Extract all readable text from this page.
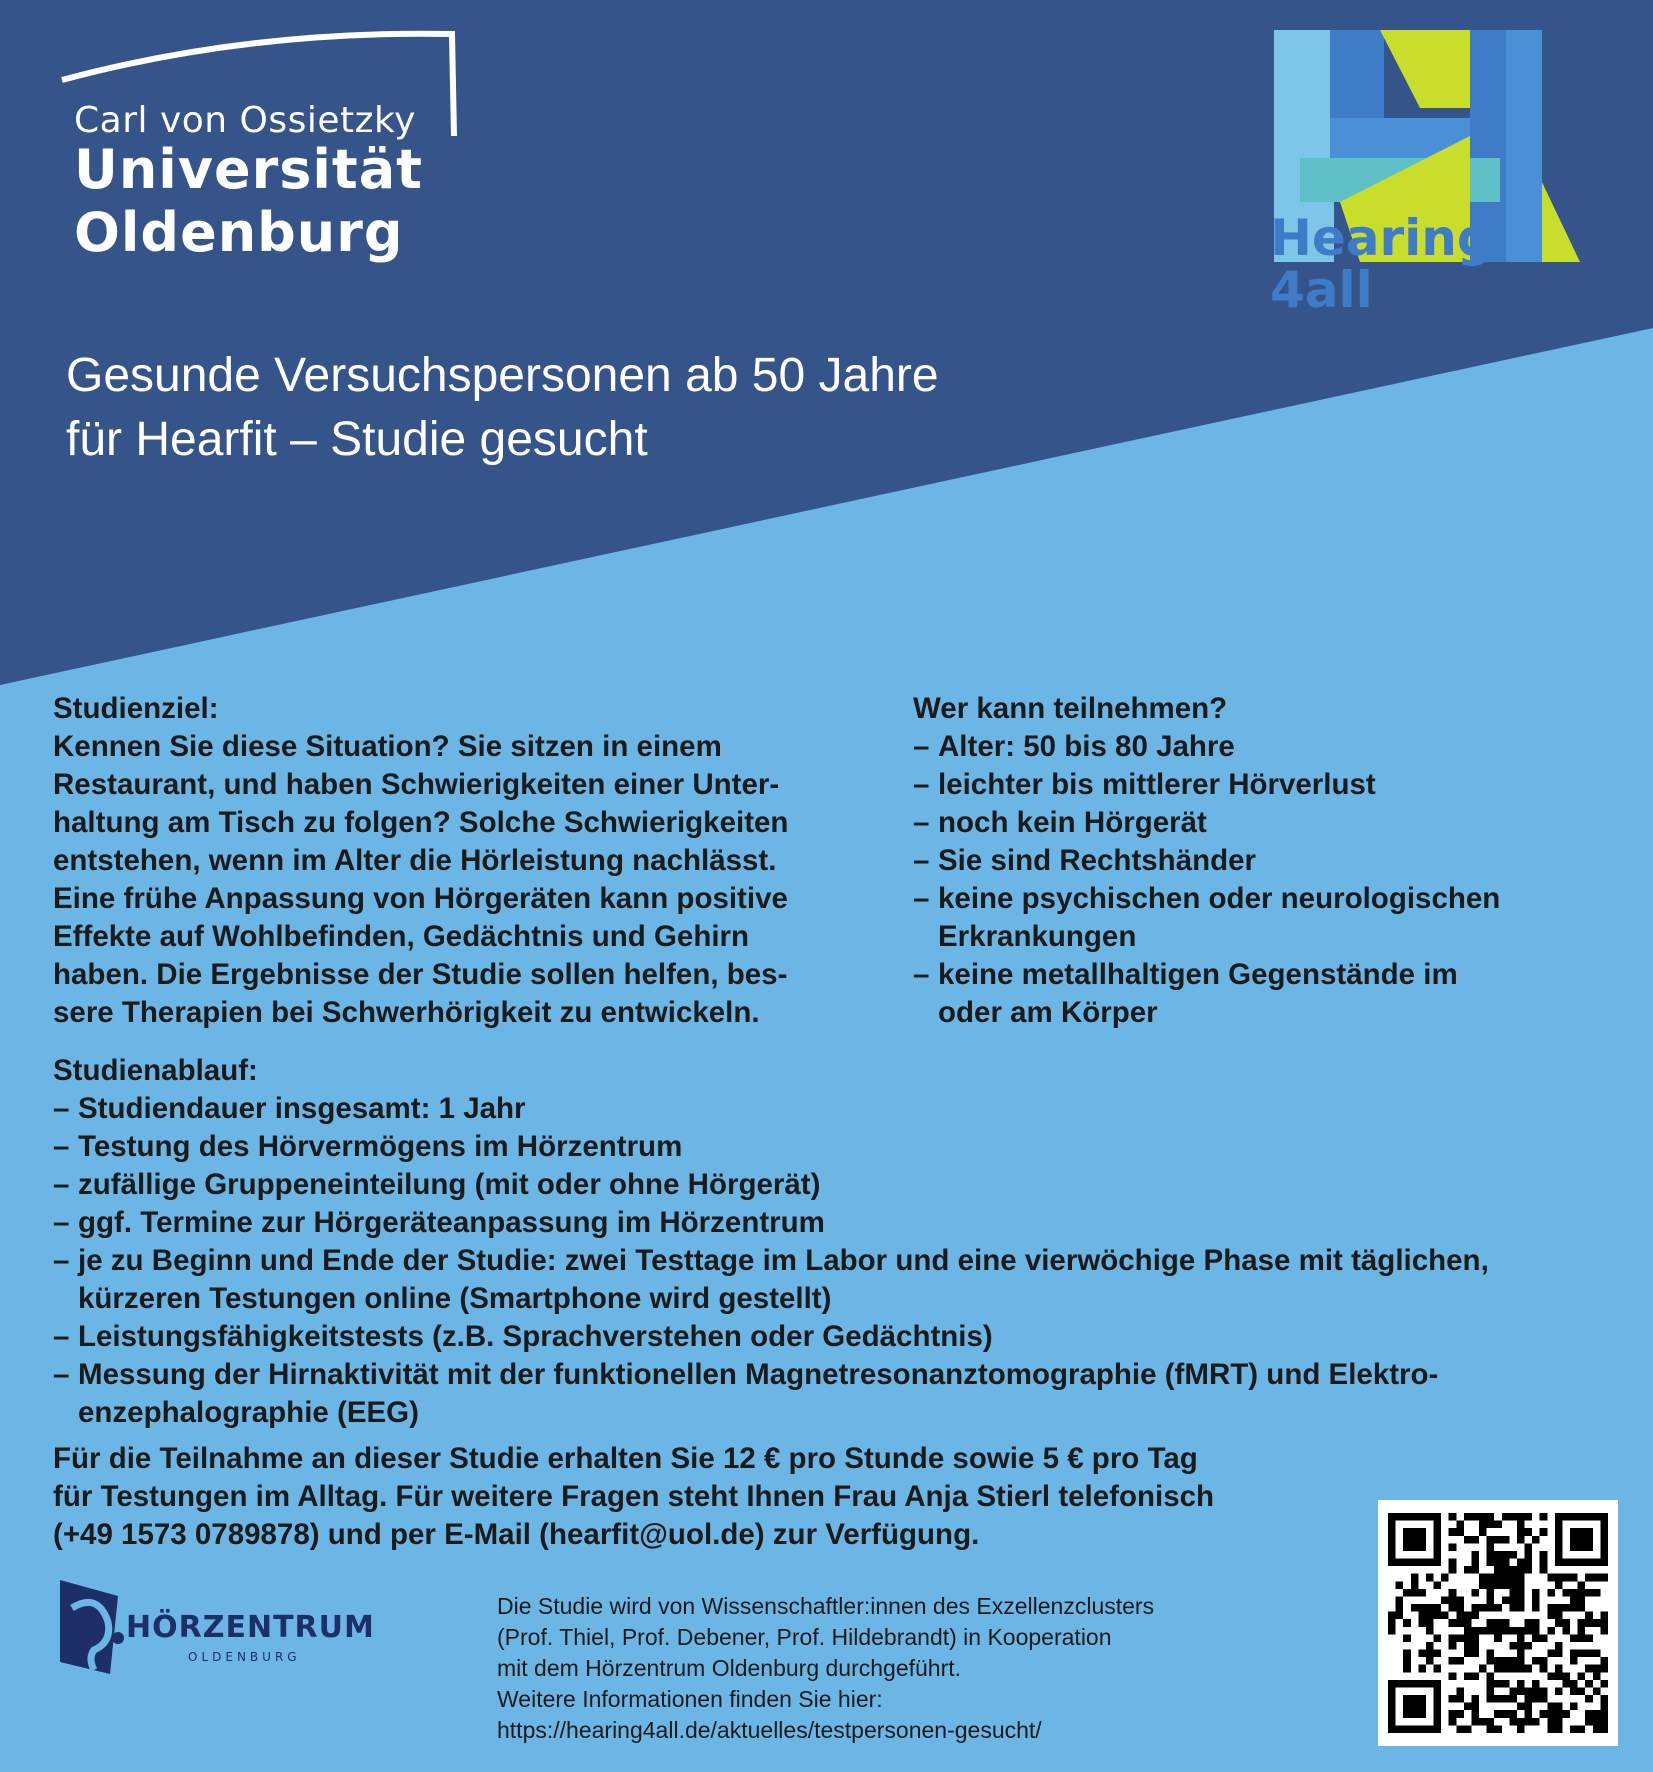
Carl von Ossietzky
Universität
Oldenburg	Hearing
4all
Gesunde Versuchspersonen ab 50 Jahre
für Hearfit – Studie gesucht
Studienziel:
Kennen Sie diese Situation? Sie sitzen in einem
Restaurant, und haben Schwierigkeiten einer Unter-
haltung am Tisch zu folgen? Solche Schwierigkeiten
entstehen, wenn im Alter die Hörleistung nachlässt.
Eine frühe Anpassung von Hörgeräten kann positive
Effekte auf Wohlbefinden, Gedächtnis und Gehirn
haben. Die Ergebnisse der Studie sollen helfen, bes-
sere Therapien bei Schwerhörigkeit zu entwickeln.
Wer kann teilnehmen?
– Alter: 50 bis 80 Jahre
– leichter bis mittlerer Hörverlust
– noch kein Hörgerät
– Sie sind Rechtshänder
– keine psychischen oder neurologischen
Erkrankungen
– keine metallhaltigen Gegenstände im
oder am Körper
Studienablauf:
– Studiendauer insgesamt: 1 Jahr
– Testung des Hörvermögens im Hörzentrum
– zufällige Gruppeneinteilung (mit oder ohne Hörgerät)
– ggf. Termine zur Hörgeräteanpassung im Hörzentrum
– je zu Beginn und Ende der Studie: zwei Testtage im Labor und eine vierwöchige Phase mit täglichen,
kürzeren Testungen online (Smartphone wird gestellt)
– Leistungsfähigkeitstests (z.B. Sprachverstehen oder Gedächtnis)
– Messung der Hirnaktivität mit der funktionellen Magnetresonanztomographie (fMRT) und Elektro-
enzephalographie (EEG)
Für die Teilnahme an dieser Studie erhalten Sie 12 € pro Stunde sowie 5 € pro Tag
für Testungen im Alltag. Für weitere Fragen steht Ihnen Frau Anja Stierl telefonisch
(+49 1573 0789878) und per E-Mail (hearfit@uol.de) zur Verfügung.
HÖRZENTRUM
OLDENBURG
Die Studie wird von Wissenschaftler:innen des Exzellenzclusters
(Prof. Thiel, Prof. Debener, Prof. Hildebrandt) in Kooperation
mit dem Hörzentrum Oldenburg durchgeführt.
Weitere Informationen finden Sie hier:
https://hearing4all.de/aktuelles/testpersonen-gesucht/
